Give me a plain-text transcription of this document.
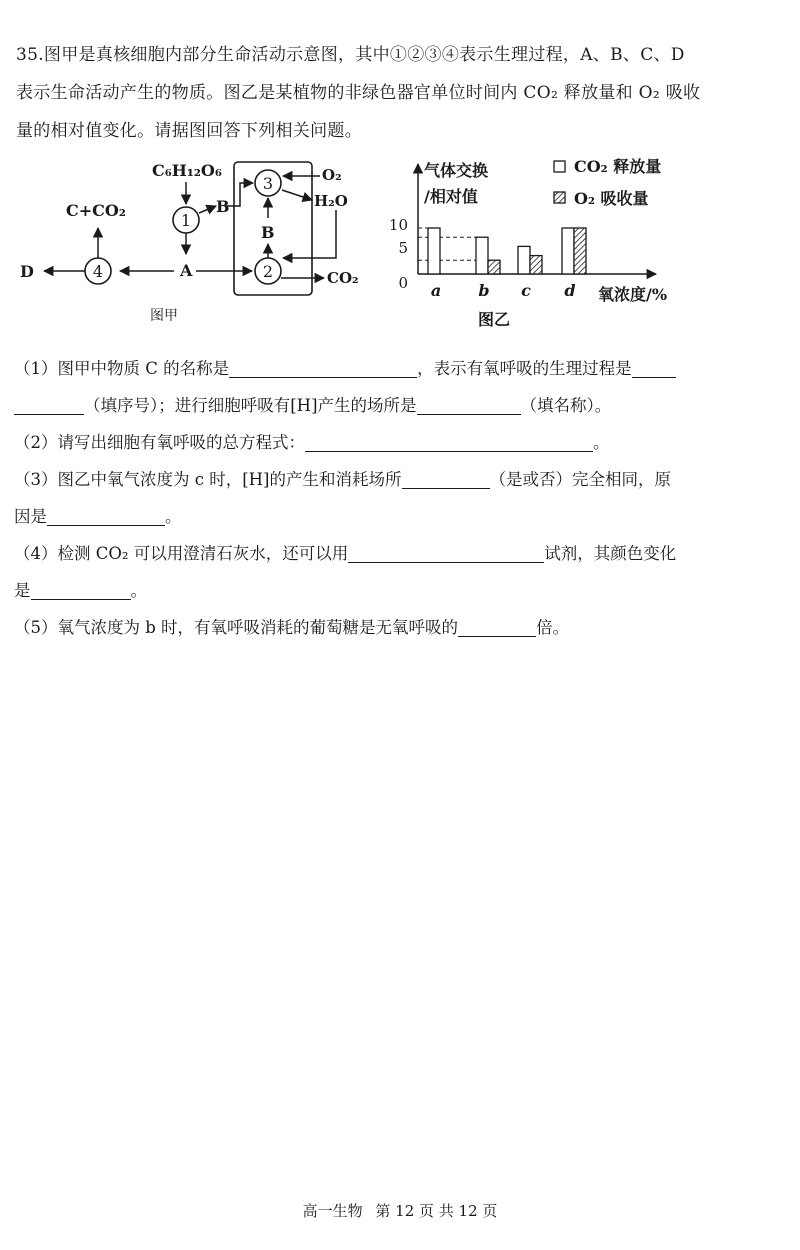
35.图甲是真核细胞内部分生命活动示意图，其中①②③④表示生理过程，A、B、C、D
表示生命活动产生的物质。图乙是某植物的非绿色器官单位时间内 CO₂ 释放量和 O₂ 吸收
量的相对值变化。请据图回答下列相关问题。
C₆H₁₂O₆
1
B
A
4
C+CO₂
D	2
B
3	O₂
H₂O
CO₂
图甲
气体交换
/相对值
CO₂ 释放量
O₂ 吸收量
10
5
0 a b c d 氧浓度/%
图乙
（1）图甲中物质 C 的名称是	，表示有氧呼吸的生理过程是
（填序号）；进行细胞呼吸有[H]产生的场所是	（填名称）。
（2）请写出细胞有氧呼吸的总方程式：	。
（3）图乙中氧气浓度为 c 时，[H]的产生和消耗场所	（是或否）完全相同，原
因是	。
（4）检测 CO₂ 可以用澄清石灰水，还可以用	试剂，其颜色变化
是	。
（5）氧气浓度为 b 时，有氧呼吸消耗的葡萄糖是无氧呼吸的	倍。
高一生物 第 12 页 共 12 页
